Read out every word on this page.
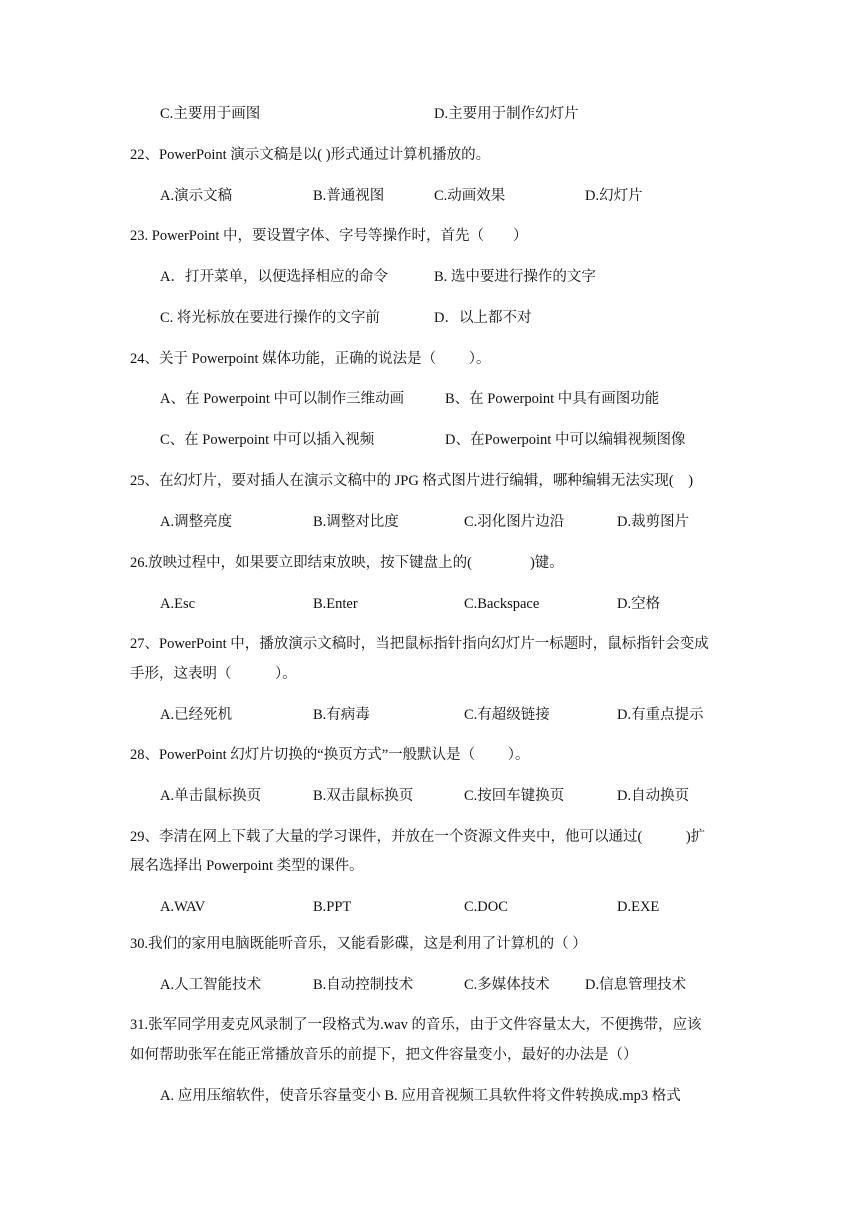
C.主要用于画图	D.主要用于制作幻灯片
22、PowerPoint 演示文稿是以( )形式通过计算机播放的。
A.演示文稿	B.普通视图	C.动画效果	D.幻灯片
23. PowerPoint 中，要设置字体、字号等操作时，首先（　　）
A．打开菜单，以便选择相应的命令	B. 选中要进行操作的文字
C. 将光标放在要进行操作的文字前	D．以上都不对
24、关于 Powerpoint 媒体功能，正确的说法是（　　 ）。
A、在 Powerpoint 中可以制作三维动画	B、在 Powerpoint 中具有画图功能
C、在 Powerpoint 中可以插入视频	D、在Powerpoint 中可以编辑视频图像
25、在幻灯片，要对插人在演示文稿中的 JPG 格式图片进行编辑，哪种编辑无法实现(　)
A.调整亮度	B.调整对比度	C.羽化图片边沿	D.裁剪图片
26.放映过程中，如果要立即结束放映，按下键盘上的(　　　　)键。
A.Esc	B.Enter	C.Backspace	D.空格
27、PowerPoint 中，播放演示文稿时，当把鼠标指针指向幻灯片一标题时，鼠标指针会变成
手形，这表明（　　　）。
A.已经死机	B.有病毒	C.有超级链接	D.有重点提示
28、PowerPoint 幻灯片切换的“换页方式”一般默认是（　　 ）。
A.单击鼠标换页	B.双击鼠标换页	C.按回车键换页	D.自动换页
29、李清在网上下载了大量的学习课件，并放在一个资源文件夹中，他可以通过(　　　)扩
展名选择出 Powerpoint 类型的课件。
A.WAV	B.PPT	C.DOC	D.EXE
30.我们的家用电脑既能听音乐，又能看影碟，这是利用了计算机的（ ）
A.人工智能技术	B.自动控制技术	C.多媒体技术 D.信息管理技术
31.张军同学用麦克风录制了一段格式为.wav 的音乐，由于文件容量太大，不便携带，应该
如何帮助张军在能正常播放音乐的前提下，把文件容量变小，最好的办法是（）
A. 应用压缩软件，使音乐容量变小 B. 应用音视频工具软件将文件转换成.mp3 格式
